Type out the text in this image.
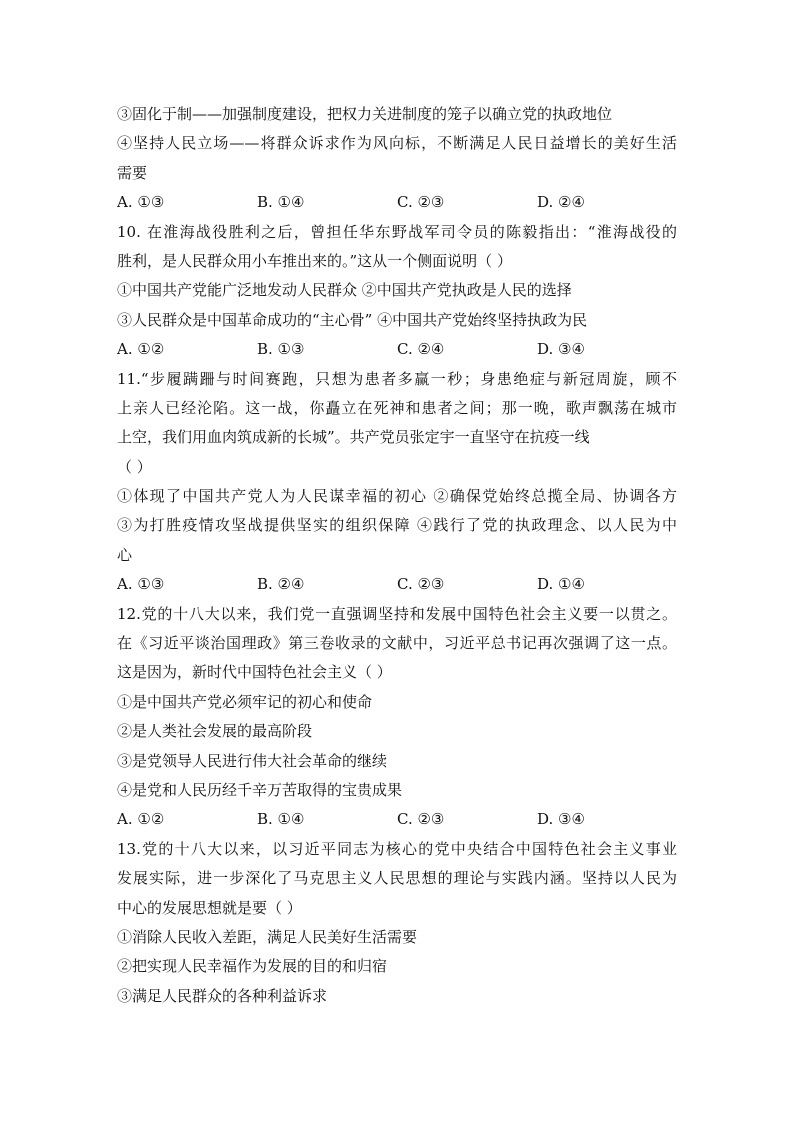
③固化于制——加强制度建设，把权力关进制度的笼子以确立党的执政地位
④坚持人民立场——将群众诉求作为风向标，不断满足人民日益增长的美好生活
需要
A. ①③	B. ①④	C. ②③	D. ②④
10. 在淮海战役胜利之后，曾担任华东野战军司令员的陈毅指出：“淮海战役的
胜利，是人民群众用小车推出来的。”这从一个侧面说明（ ）
①中国共产党能广泛地发动人民群众 ②中国共产党执政是人民的选择
③人民群众是中国革命成功的“主心骨” ④中国共产党始终坚持执政为民
A. ①②	B. ①③	C. ②④	D. ③④
11.“步履蹒跚与时间赛跑，只想为患者多赢一秒；身患绝症与新冠周旋，顾不
上亲人已经沦陷。这一战，你矗立在死神和患者之间；那一晚，歌声飘荡在城市
上空，我们用血肉筑成新的长城”。共产党员张定宇一直坚守在抗疫一线
（ ）
①体现了中国共产党人为人民谋幸福的初心 ②确保党始终总揽全局、协调各方
③为打胜疫情攻坚战提供坚实的组织保障 ④践行了党的执政理念、以人民为中
心
A. ①③	B. ②④	C. ②③	D. ①④
12.党的十八大以来，我们党一直强调坚持和发展中国特色社会主义要一以贯之。
在《习近平谈治国理政》第三卷收录的文献中，习近平总书记再次强调了这一点。
这是因为，新时代中国特色社会主义（ ）
①是中国共产党必须牢记的初心和使命
②是人类社会发展的最高阶段
③是党领导人民进行伟大社会革命的继续
④是党和人民历经千辛万苦取得的宝贵成果
A. ①②	B. ①④	C. ②③	D. ③④
13.党的十八大以来，以习近平同志为核心的党中央结合中国特色社会主义事业
发展实际，进一步深化了马克思主义人民思想的理论与实践内涵。坚持以人民为
中心的发展思想就是要（ ）
①消除人民收入差距，满足人民美好生活需要
②把实现人民幸福作为发展的目的和归宿
③满足人民群众的各种利益诉求
